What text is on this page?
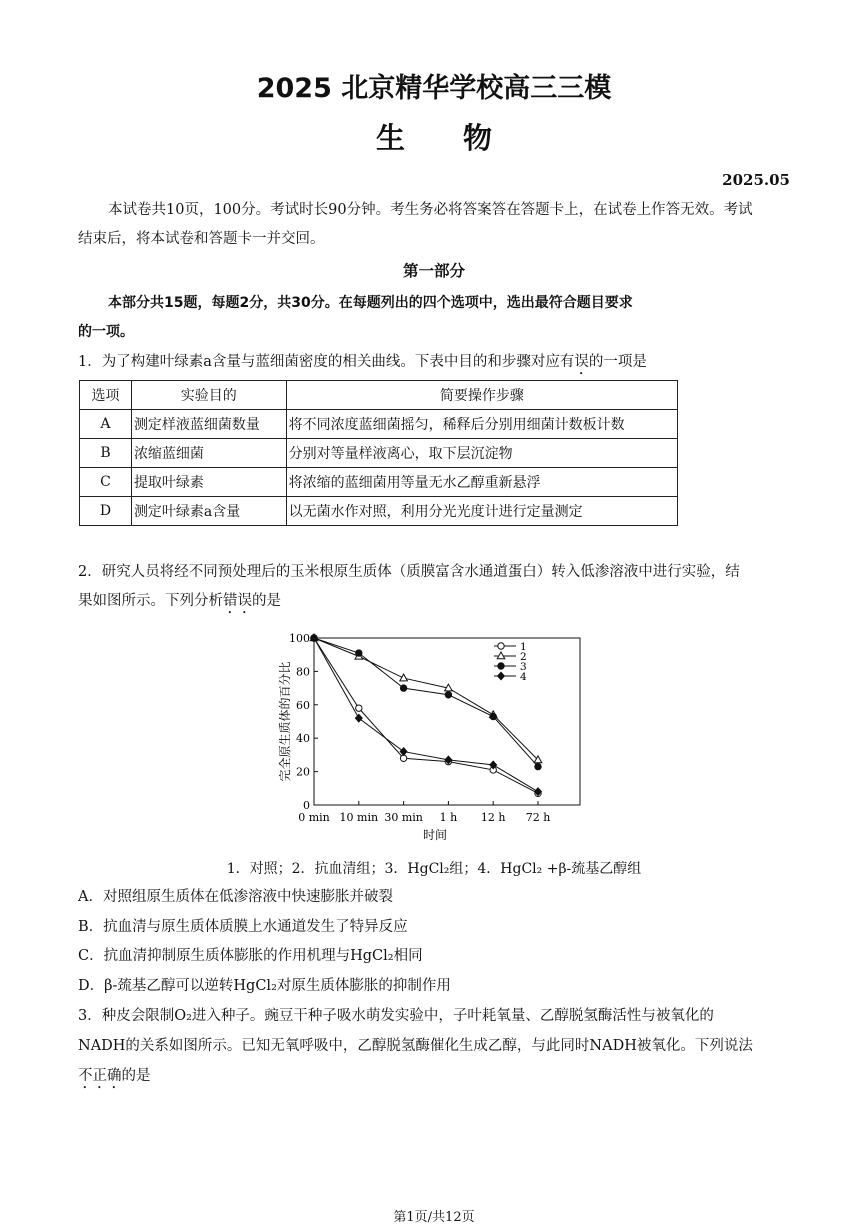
2025 北京精华学校高三三模
生物
2025.05
本试卷共10页，100分。考试时长90分钟。考生务必将答案答在答题卡上，在试卷上作答无效。考试
结束后，将本试卷和答题卡一并交回。
第一部分
本部分共15题，每题2分，共30分。在每题列出的四个选项中，选出最符合题目要求
的一项。
1．为了构建叶绿素a含量与蓝细菌密度的相关曲线。下表中目的和步骤对应有误的一项是
选项	实验目的	简要操作步骤
A	测定样液蓝细菌数量	将不同浓度蓝细菌摇匀，稀释后分别用细菌计数板计数
B	浓缩蓝细菌	分别对等量样液离心，取下层沉淀物
C	提取叶绿素	将浓缩的蓝细菌用等量无水乙醇重新悬浮
D	测定叶绿素a含量	以无菌水作对照，利用分光光度计进行定量测定
2．研究人员将经不同预处理后的玉米根原生质体（质膜富含水通道蛋白）转入低渗溶液中进行实验，结
果如图所示。下列分析错误的是
0
20
40
60
80
100
0 min 10 min 30 min 1 h 12 h 72 h
时间
完全原生质体的百分比
1
2
3
4
1．对照；2．抗血清组；3．HgCl₂组；4．HgCl₂ +β-巯基乙醇组
A．对照组原生质体在低渗溶液中快速膨胀并破裂
B．抗血清与原生质体质膜上水通道发生了特异反应
C．抗血清抑制原生质体膨胀的作用机理与HgCl₂相同
D．β-巯基乙醇可以逆转HgCl₂对原生质体膨胀的抑制作用
3．种皮会限制O₂进入种子。豌豆干种子吸水萌发实验中，子叶耗氧量、乙醇脱氢酶活性与被氧化的
NADH的关系如图所示。已知无氧呼吸中，乙醇脱氢酶催化生成乙醇，与此同时NADH被氧化。下列说法
不正确的是
第1页/共12页
